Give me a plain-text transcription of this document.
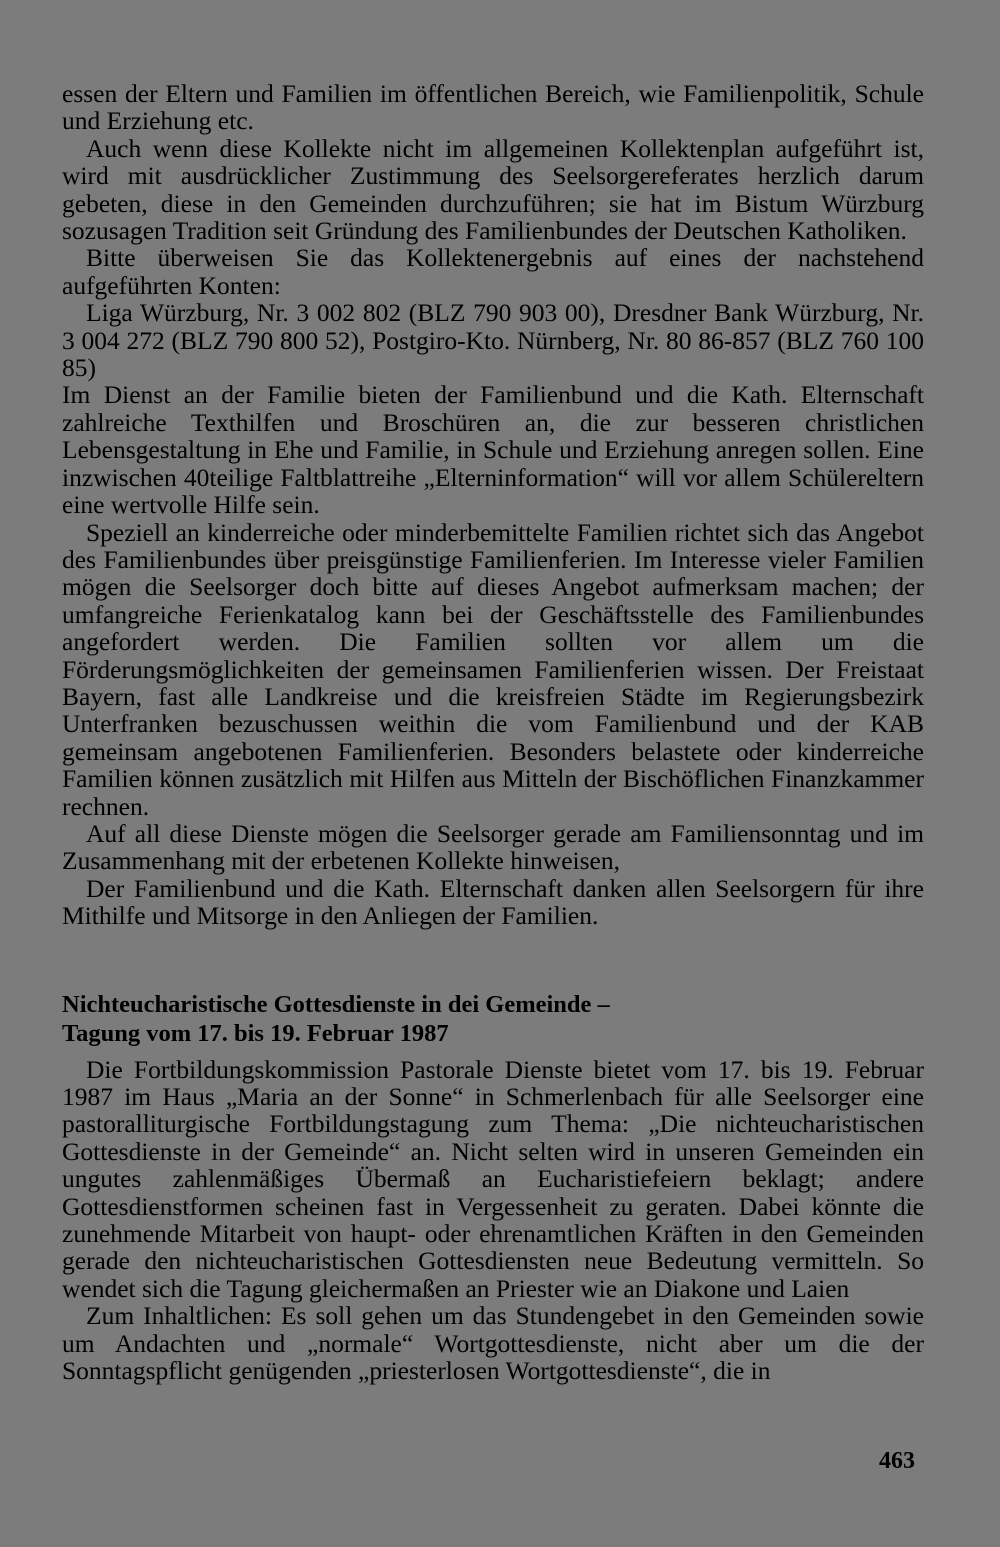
essen der Eltern und Familien im öffentlichen Bereich, wie Familienpolitik, Schule und Erziehung etc.

Auch wenn diese Kollekte nicht im allgemeinen Kollektenplan aufgeführt ist, wird mit ausdrücklicher Zustimmung des Seelsorgereferates herzlich darum gebeten, diese in den Gemeinden durchzuführen; sie hat im Bistum Würzburg sozusagen Tradition seit Gründung des Familienbundes der Deutschen Katholiken.

Bitte überweisen Sie das Kollektenergebnis auf eines der nachstehend aufgeführten Konten:

Liga Würzburg, Nr. 3 002 802 (BLZ 790 903 00), Dresdner Bank Würzburg, Nr. 3 004 272 (BLZ 790 800 52), Postgiro-Kto. Nürnberg, Nr. 80 86-857 (BLZ 760 100 85)

Im Dienst an der Familie bieten der Familienbund und die Kath. Elternschaft zahlreiche Texthilfen und Broschüren an, die zur besseren christlichen Lebensgestaltung in Ehe und Familie, in Schule und Erziehung anregen sollen. Eine inzwischen 40teilige Faltblattreihe „Elterninformation“ will vor allem Schülereltern eine wertvolle Hilfe sein.

Speziell an kinderreiche oder minderbemittelte Familien richtet sich das Angebot des Familienbundes über preisgünstige Familienferien. Im Interesse vieler Familien mögen die Seelsorger doch bitte auf dieses Angebot aufmerksam machen; der umfangreiche Ferienkatalog kann bei der Geschäftsstelle des Familienbundes angefordert werden. Die Familien sollten vor allem um die Förderungsmöglichkeiten der gemeinsamen Familienferien wissen. Der Freistaat Bayern, fast alle Landkreise und die kreisfreien Städte im Regierungsbezirk Unterfranken bezuschussen weithin die vom Familienbund und der KAB gemeinsam angebotenen Familienferien. Besonders belastete oder kinderreiche Familien können zusätzlich mit Hilfen aus Mitteln der Bischöflichen Finanzkammer rechnen.

Auf all diese Dienste mögen die Seelsorger gerade am Familiensonntag und im Zusammenhang mit der erbetenen Kollekte hinweisen,

Der Familienbund und die Kath. Elternschaft danken allen Seelsorgern für ihre Mithilfe und Mitsorge in den Anliegen der Familien.

Nichteucharistische Gottesdienste in dei Gemeinde –
Tagung vom 17. bis 19. Februar 1987

Die Fortbildungskommission Pastorale Dienste bietet vom 17. bis 19. Februar 1987 im Haus „Maria an der Sonne“ in Schmerlenbach für alle Seelsorger eine pastoralliturgische Fortbildungstagung zum Thema: „Die nichteucharistischen Gottesdienste in der Gemeinde“ an. Nicht selten wird in unseren Gemeinden ein ungutes zahlenmäßiges Übermaß an Eucharistiefeiern beklagt; andere Gottesdienstformen scheinen fast in Vergessenheit zu geraten. Dabei könnte die zunehmende Mitarbeit von haupt- oder ehrenamtlichen Kräften in den Gemeinden gerade den nichteucharistischen Gottesdiensten neue Bedeutung vermitteln. So wendet sich die Tagung gleichermaßen an Priester wie an Diakone und Laien

Zum Inhaltlichen: Es soll gehen um das Stundengebet in den Gemeinden sowie um Andachten und „normale“ Wortgottesdienste, nicht aber um die der Sonntagspflicht genügenden „priesterlosen Wortgottesdienste“, die in

463
